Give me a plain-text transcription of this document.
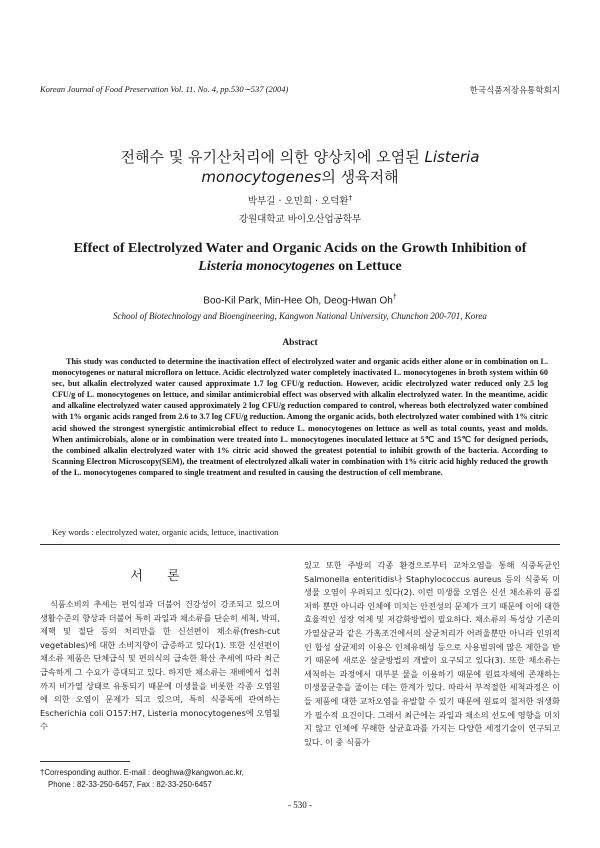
Korean Journal of Food Preservation Vol. 11. No. 4, pp.530∼537 (2004)	한국식품저장유통학회지
전해수 및 유기산처리에 의한 양상치에 오염된 Listeria
monocytogenes의 생육저해
박부길 · 오민희 · 오덕환†
강원대학교 바이오산업공학부
Effect of Electrolyzed Water and Organic Acids on the Growth Inhibition of
Listeria monocytogenes on Lettuce
Boo-Kil Park, Min-Hee Oh, Deog-Hwan Oh†
School of Biotechnology and Bioengineering, Kangwon National University, Chunchon 200-701, Korea
Abstract

This study was conducted to determine the inactivation effect of electrolyzed water and organic acids either alone or in combination on L. monocytogenes or natural microflora on lettuce. Acidic electrolyzed water completely inactivated L. monocytogenes in broth system within 60 sec, but alkalin electrolyzed water caused approximate 1.7 log CFU/g reduction. However, acidic electrolyzed water reduced only 2.5 log CFU/g of L. monocytogenes on lettuce, and similar antimicrobial effect was observed with alkalin electrolyzed water. In the meantime, acidic and alkaline electrolyzed water caused approximately 2 log CFU/g reduction compared to control, whereas both electrolyzed water combined with 1% organic acids ranged from 2.6 to 3.7 log CFU/g reduction. Among the organic acids, both electrolyzed water combined with 1% citric acid showed the strongest synergistic antimicrobial effect to reduce L. monocytogenes on lettuce as well as total counts, yeast and molds. When antimicrobials, alone or in combination were treated into L. monocytogenes inoculated lettuce at 5℃ and 15℃ for designed periods, the combined alkalin electrolyzed water with 1% citric acid showed the greatest potential to inhibit growth of the bacteria. According to Scanning Electron Microscopy(SEM), the treatment of electrolyzed alkali water in combination with 1% citric acid highly reduced the growth of the L. monocytogenes compared to single treatment and resulted in causing the destruction of cell membrane.

Key words : electrolyzed water, organic acids, lettuce, inactivation
서 론

식품소비의 추세는 편익성과 더불어 건강성이 강조되고 있으며 생활수준의 향상과 더불어 특히 과일과 채소류를 단순히 세척, 박피, 제핵 및 절단 등의 처리만을 한 신선편이 채소류(fresh-cut vegetables)에 대한 소비지향이 급증하고 있다(1). 또한 신선편이 채소류 제품은 단체급식 및 편의식의 급속한 확산 추세에 따라 최근 급속하게 그 수요가 증대되고 있다. 하지만 채소류는 재배에서 섭취까지 비가열 상태로 유통되기 때문에 미생물을 비롯한 각종 오염원에 의한 오염이 문제가 되고 있으며, 특히 식중독에 관여하는 Escherichia coli O157:H7, Listeria monocytogenes에 오염될 수

있고 또한 주방의 각종 환경으로부터 교차오염을 통해 식중독균인 Salmonella enteritidis나 Staphylococcus aureus 등의 식중독 미생물 오염이 우려되고 있다(2). 이런 미생물 오염은 신선 채소류의 품질저하 뿐만 아니라 인체에 미치는 안전성의 문제가 크기 때문에 이에 대한 효율적인 성장 억제 및 저감화방법이 필요하다. 채소류의 특성상 기존의 가열살균과 같은 가혹조건에서의 살균처리가 어려울뿐만 아니라 인위적인 합성 살균제의 이용은 인체유해성 등으로 사용범위에 많은 제한을 받기 때문에 새로운 살균방법의 개발이 요구되고 있다(3). 또한 채소류는 세척하는 과정에서 대부분 물을 이용하기 때문에 원료자체에 존재하는 미생물균총을 줄이는 데는 한계가 있다. 따라서 부적절한 세척과정은 이들 제품에 대한 교차오염을 유발할 수 있기 때문에 원료의 철저한 위생화가 필수적 요건이다. 그래서 최근에는 과일과 채소의 선도에 영향을 미치지 않고 인체에 무해한 살균효과를 가지는 다양한 세정기술이 연구되고 있다. 이 중 식품가

†Corresponding author. E-mail : deoghwa@kangwon.ac.kr,
Phone : 82-33-250-6457, Fax : 82-33-250-6457
- 530 -
